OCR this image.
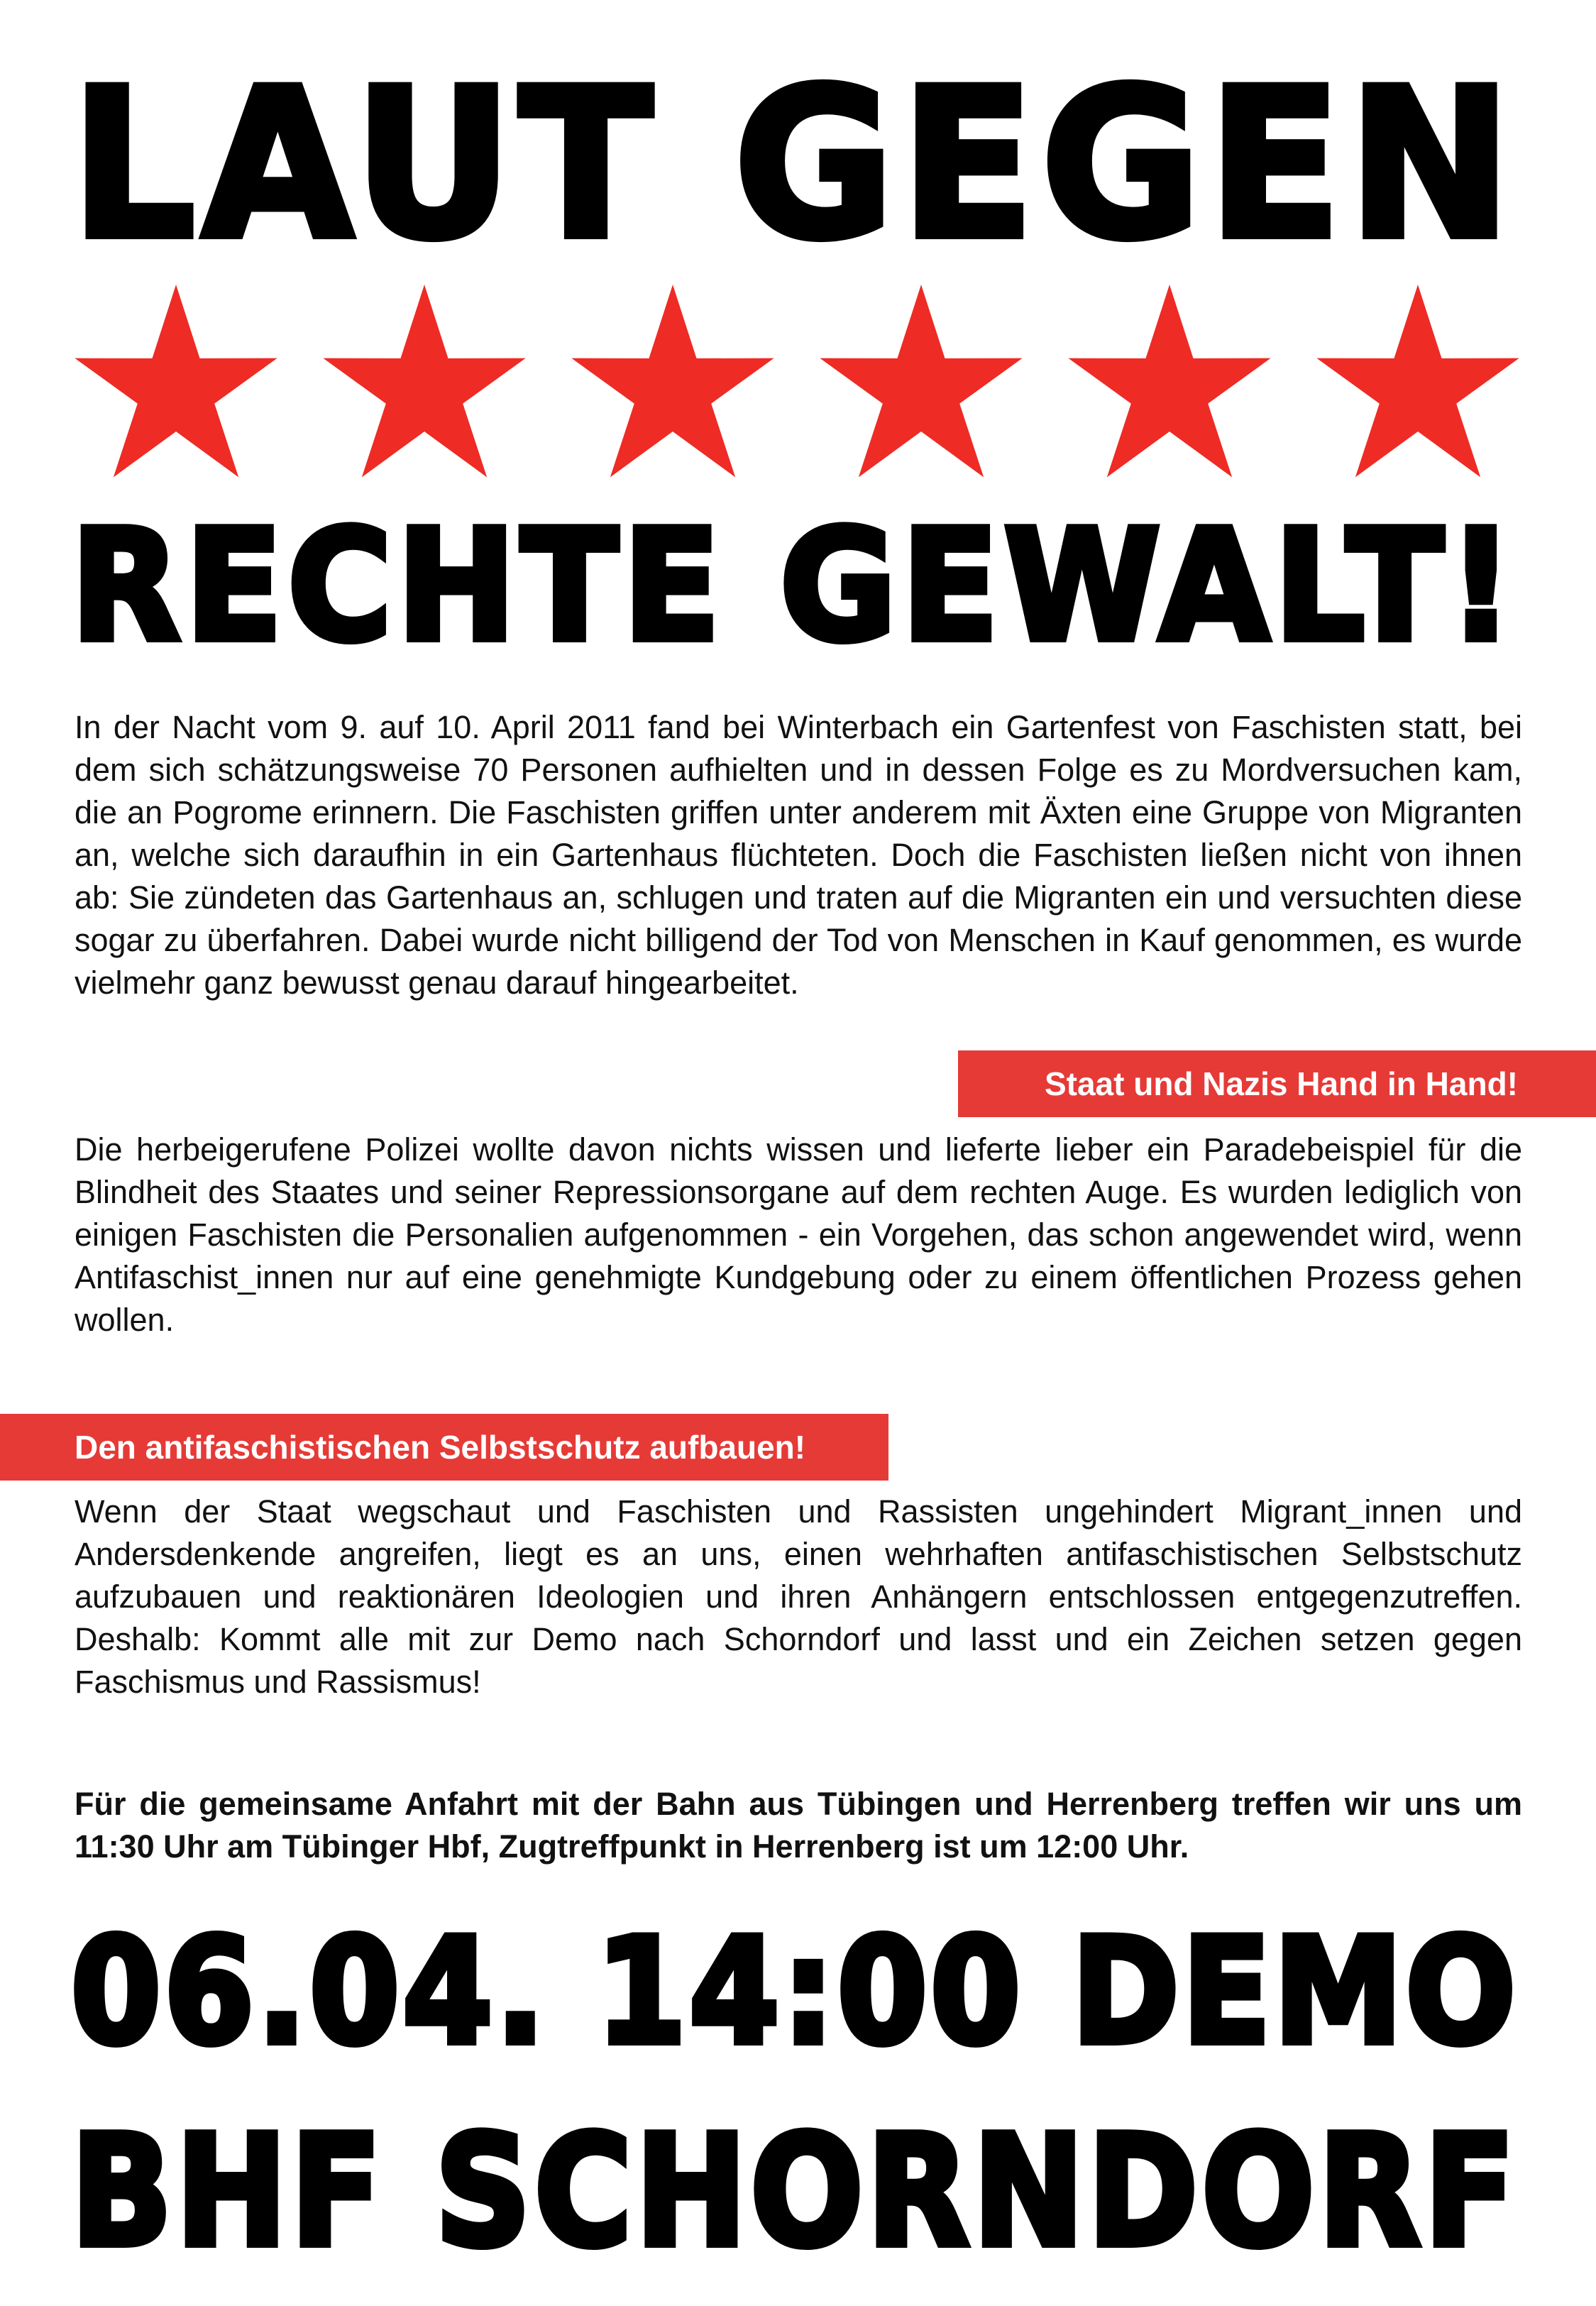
LAUT GEGEN
RECHTE GEWALT!

In der Nacht vom 9. auf 10. April 2011 fand bei Winterbach ein Gartenfest von Faschisten statt, bei dem sich schätzungsweise 70 Personen aufhielten und in dessen Folge es zu Mordversuchen kam, die an Pogrome erinnern. Die Faschisten griffen unter anderem mit Äxten eine Gruppe von Migranten an, welche sich daraufhin in ein Gartenhaus flüchteten. Doch die Faschisten ließen nicht von ihnen ab: Sie zündeten das Gartenhaus an, schlugen und traten auf die Migranten ein und versuchten diese sogar zu überfahren. Dabei wurde nicht billigend der Tod von Menschen in Kauf genommen, es wurde vielmehr ganz bewusst genau darauf hingearbeitet.

Staat und Nazis Hand in Hand!

Die herbeigerufene Polizei wollte davon nichts wissen und lieferte lieber ein Paradebeispiel für die Blindheit des Staates und seiner Repressionsorgane auf dem rechten Auge. Es wurden lediglich von einigen Faschisten die Personalien aufgenommen - ein Vorgehen, das schon angewendet wird, wenn Antifaschist_innen nur auf eine genehmigte Kundgebung oder zu einem öffentlichen Prozess gehen wollen.

Den antifaschistischen Selbstschutz aufbauen!

Wenn der Staat wegschaut und Faschisten und Rassisten ungehindert Migrant_innen und Andersdenkende angreifen, liegt es an uns, einen wehrhaften antifaschistischen Selbstschutz aufzubauen und reaktionären Ideologien und ihren Anhängern entschlossen entgegenzutreffen. Deshalb: Kommt alle mit zur Demo nach Schorndorf und lasst und ein Zeichen setzen gegen Faschismus und Rassismus!

Für die gemeinsame Anfahrt mit der Bahn aus Tübingen und Herrenberg treffen wir uns um 11:30 Uhr am Tübinger Hbf, Zugtreffpunkt in Herrenberg ist um 12:00 Uhr.

06.04. 14:00 DEMO
BHF SCHORNDORF
